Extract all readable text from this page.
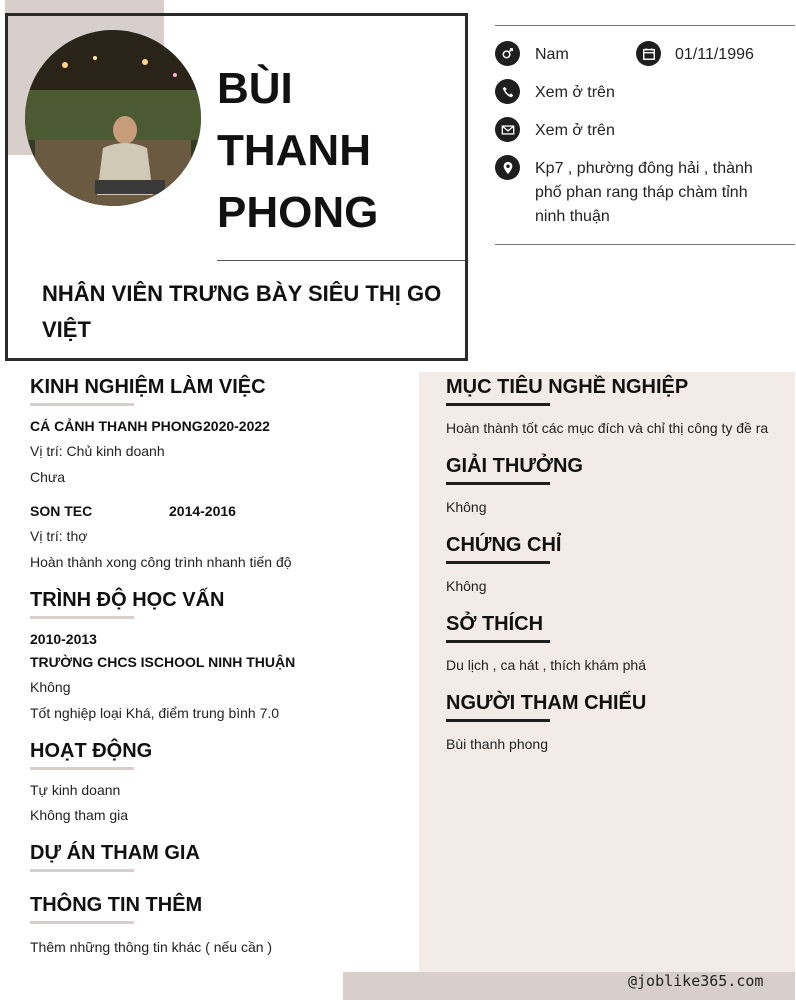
BÙI
THANH
PHONG
NHÂN VIÊN TRƯNG BÀY SIÊU THỊ GO VIỆT
Nam	01/11/1996
Xem ở trên
Xem ở trên
Kp7 , phường đông hải , thành phố phan rang tháp chàm tỉnh ninh thuận
KINH NGHIỆM LÀM VIỆC
CÁ CẢNH THANH PHONG 2020-2022
Vị trí: Chủ kinh doanh
Chưa
SON TEC	2014-2016
Vị trí: thợ
Hoàn thành xong công trình nhanh tiến độ
TRÌNH ĐỘ HỌC VẤN
2010-2013
TRƯỜNG CHCS ISCHOOL NINH THUẬN
Không
Tốt nghiệp loại Khá, điểm trung bình 7.0
HOẠT ĐỘNG
Tự kinh doann
Không tham gia
DỰ ÁN THAM GIA
THÔNG TIN THÊM
Thêm những thông tin khác ( nếu cần )
MỤC TIÊU NGHỀ NGHIỆP
Hoàn thành tốt các mục đích và chỉ thị công ty đề ra
GIẢI THƯỞNG
Không
CHỨNG CHỈ
Không
SỞ THÍCH
Du lịch , ca hát , thích khám phá
NGƯỜI THAM CHIẾU
Bùi thanh phong
@joblike365.com
